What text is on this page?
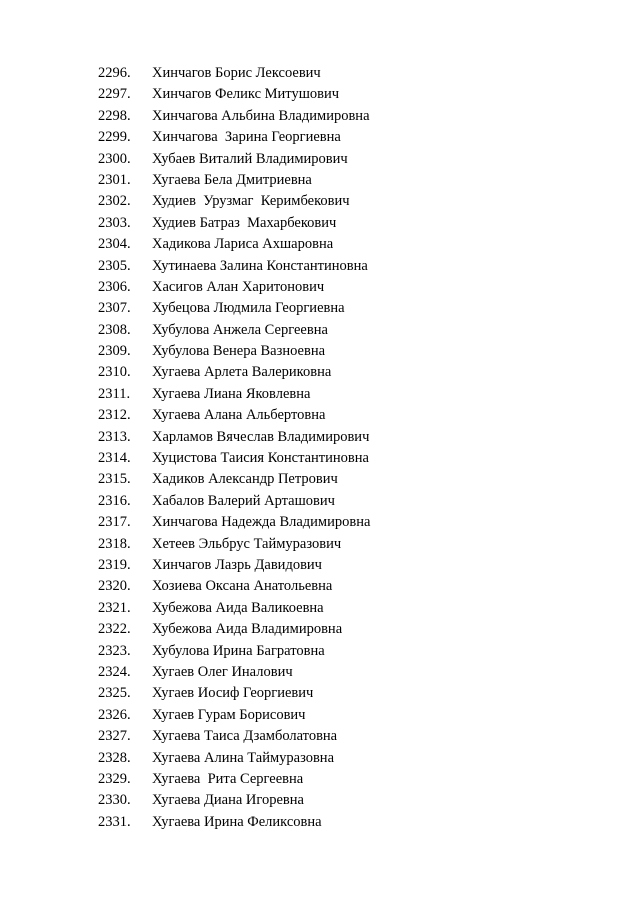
2296. Хинчагов Борис Лексоевич
2297. Хинчагов Феликс Митушович
2298. Хинчагова Альбина Владимировна
2299. Хинчагова  Зарина Георгиевна
2300. Хубаев Виталий Владимирович
2301. Хугаева Бела Дмитриевна
2302. Худиев  Урузмаг  Керимбекович
2303. Худиев Батраз  Махарбекович
2304. Хадикова Лариса Ахшаровна
2305. Хутинаева Залина Константиновна
2306. Хасигов Алан Харитонович
2307. Хубецова Людмила Георгиевна
2308. Хубулова Анжела Сергеевна
2309. Хубулова Венера Вазноевна
2310. Хугаева Арлета Валериковна
2311. Хугаева Лиана Яковлевна
2312. Хугаева Алана Альбертовна
2313. Харламов Вячеслав Владимирович
2314. Хуцистова Таисия Константиновна
2315. Хадиков Александр Петрович
2316. Хабалов Валерий Арташович
2317. Хинчагова Надежда Владимировна
2318. Хетеев Эльбрус Таймуразович
2319. Хинчагов Лазрь Давидович
2320. Хозиева Оксана Анатольевна
2321. Хубежова Аида Валикоевна
2322. Хубежова Аида Владимировна
2323. Хубулова Ирина Багратовна
2324. Хугаев Олег Иналович
2325. Хугаев Иосиф Георгиевич
2326. Хугаев Гурам Борисович
2327. Хугаева Таиса Дзамболатовна
2328. Хугаева Алина Таймуразовна
2329. Хугаева  Рита Сергеевна
2330. Хугаева Диана Игоревна
2331. Хугаева Ирина Феликсовна
